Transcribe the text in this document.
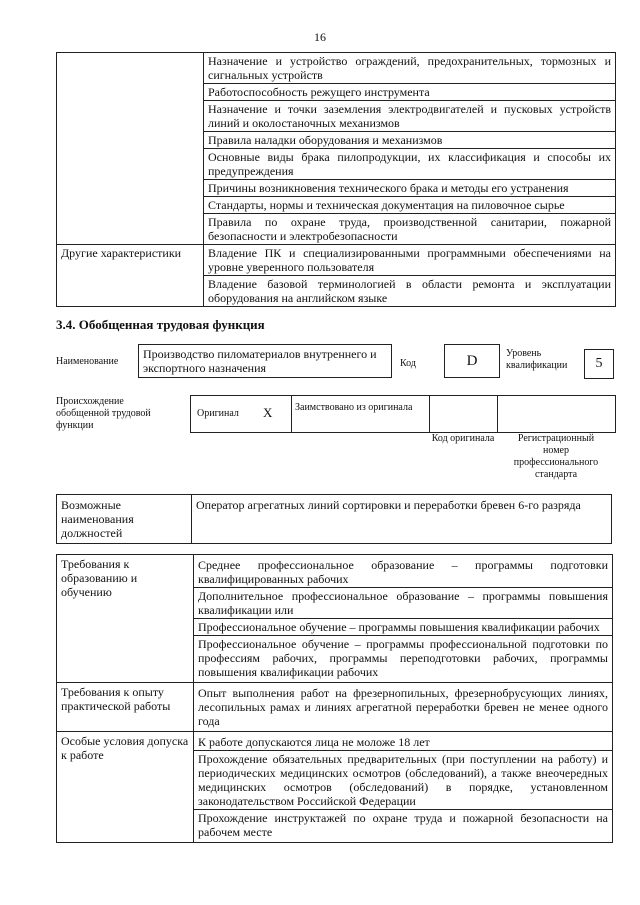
16
	Назначение и устройство ограждений, предохранительных, тормозных и сигнальных устройств
	Работоспособность режущего инструмента
	Назначение и точки заземления электродвигателей и пусковых устройств линий и околостаночных механизмов
	Правила наладки оборудования и механизмов
	Основные виды брака пилопродукции, их классификация и способы их предупреждения
	Причины возникновения технического брака и методы его устранения
	Стандарты, нормы и техническая документация на пиловочное сырье
	Правила по охране труда, производственной санитарии, пожарной безопасности и электробезопасности
Другие характеристики	Владение ПК и специализированными программными обеспечениями на уровне уверенного пользователя
	Владение базовой терминологией в области ремонта и эксплуатации оборудования на английском языке
3.4. Обобщенная трудовая функция
Наименование
Производство пиломатериалов внутреннего и экспортного назначения	Код	D	Уровень квалификации	5
Происхождение обобщенной трудовой функции
Оригинал X Заимствовано из оригинала
Код оригинала	Регистрационный номер профессионального стандарта
Возможные наименования должностей	Оператор агрегатных линий сортировки и переработки бревен 6-го разряда
Требования к образованию и обучению	Среднее профессиональное образование – программы подготовки квалифицированных рабочих
Дополнительное профессиональное образование – программы повышения квалификации или
Профессиональное обучение – программы повышения квалификации рабочих
Профессиональное обучение – программы профессиональной подготовки по профессиям рабочих, программы переподготовки рабочих, программы повышения квалификации рабочих

Требования к опыту практической работы	Опыт выполнения работ на фрезернопильных, фрезернобрусующих линиях, лесопильных рамах и линиях агрегатной переработки бревен не менее одного года

Особые условия допуска к работе	К работе допускаются лица не моложе 18 лет
Прохождение обязательных предварительных (при поступлении на работу) и периодических медицинских осмотров (обследований), а также внеочередных медицинских осмотров (обследований) в порядке, установленном законодательством Российской Федерации
Прохождение инструктажей по охране труда и пожарной безопасности на рабочем месте
